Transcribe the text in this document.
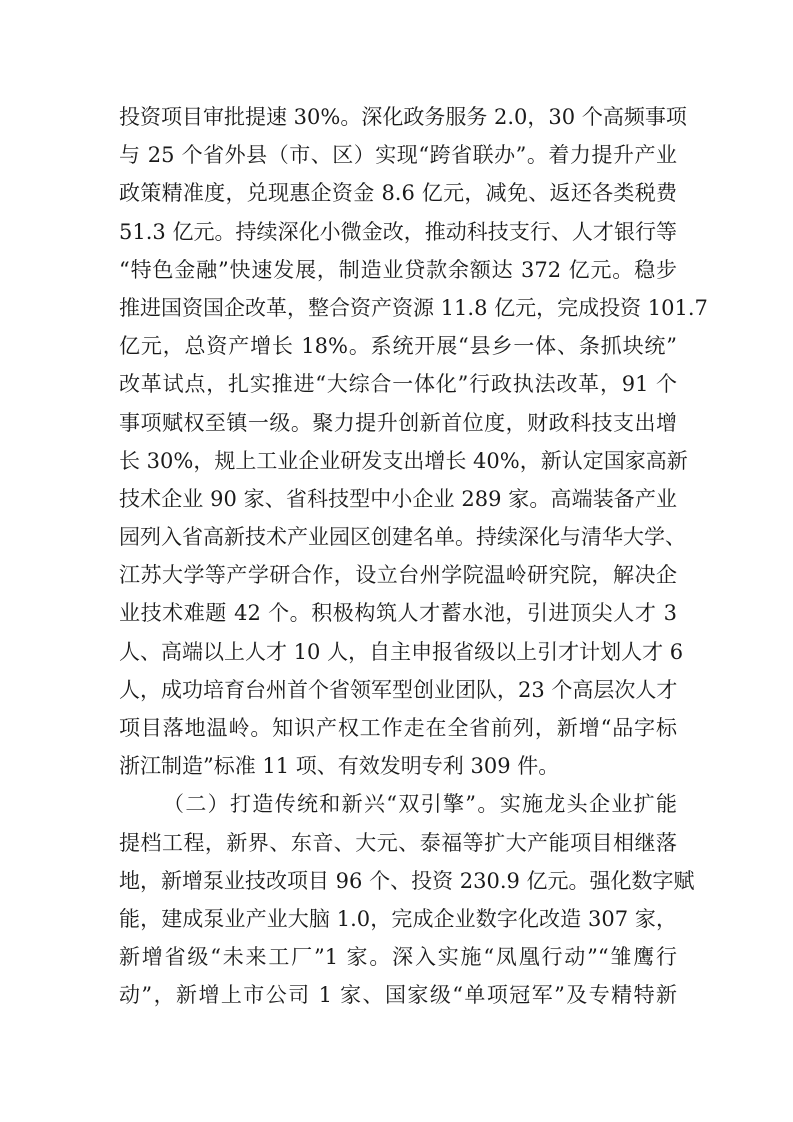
投资项目审批提速 30%。深化政务服务 2.0，30 个高频事项
与 25 个省外县（市、区）实现“跨省联办”。着力提升产业
政策精准度，兑现惠企资金 8.6 亿元，减免、返还各类税费
51.3 亿元。持续深化小微金改，推动科技支行、人才银行等
“特色金融”快速发展，制造业贷款余额达 372 亿元。稳步
推进国资国企改革，整合资产资源 11.8 亿元，完成投资 101.7
亿元，总资产增长 18%。系统开展“县乡一体、条抓块统”
改革试点，扎实推进“大综合一体化”行政执法改革，91 个
事项赋权至镇一级。聚力提升创新首位度，财政科技支出增
长 30%，规上工业企业研发支出增长 40%，新认定国家高新
技术企业 90 家、省科技型中小企业 289 家。高端装备产业
园列入省高新技术产业园区创建名单。持续深化与清华大学、
江苏大学等产学研合作，设立台州学院温岭研究院，解决企
业技术难题 42 个。积极构筑人才蓄水池，引进顶尖人才 3
人、高端以上人才 10 人，自主申报省级以上引才计划人才 6
人，成功培育台州首个省领军型创业团队，23 个高层次人才
项目落地温岭。知识产权工作走在全省前列，新增“品字标
浙江制造”标准 11 项、有效发明专利 309 件。
（二）打造传统和新兴“双引擎”。实施龙头企业扩能
提档工程，新界、东音、大元、泰福等扩大产能项目相继落
地，新增泵业技改项目 96 个、投资 230.9 亿元。强化数字赋
能，建成泵业产业大脑 1.0，完成企业数字化改造 307 家，
新增省级“未来工厂”1 家。深入实施“凤凰行动”“雏鹰行
动”，新增上市公司 1 家、国家级“单项冠军”及专精特新
